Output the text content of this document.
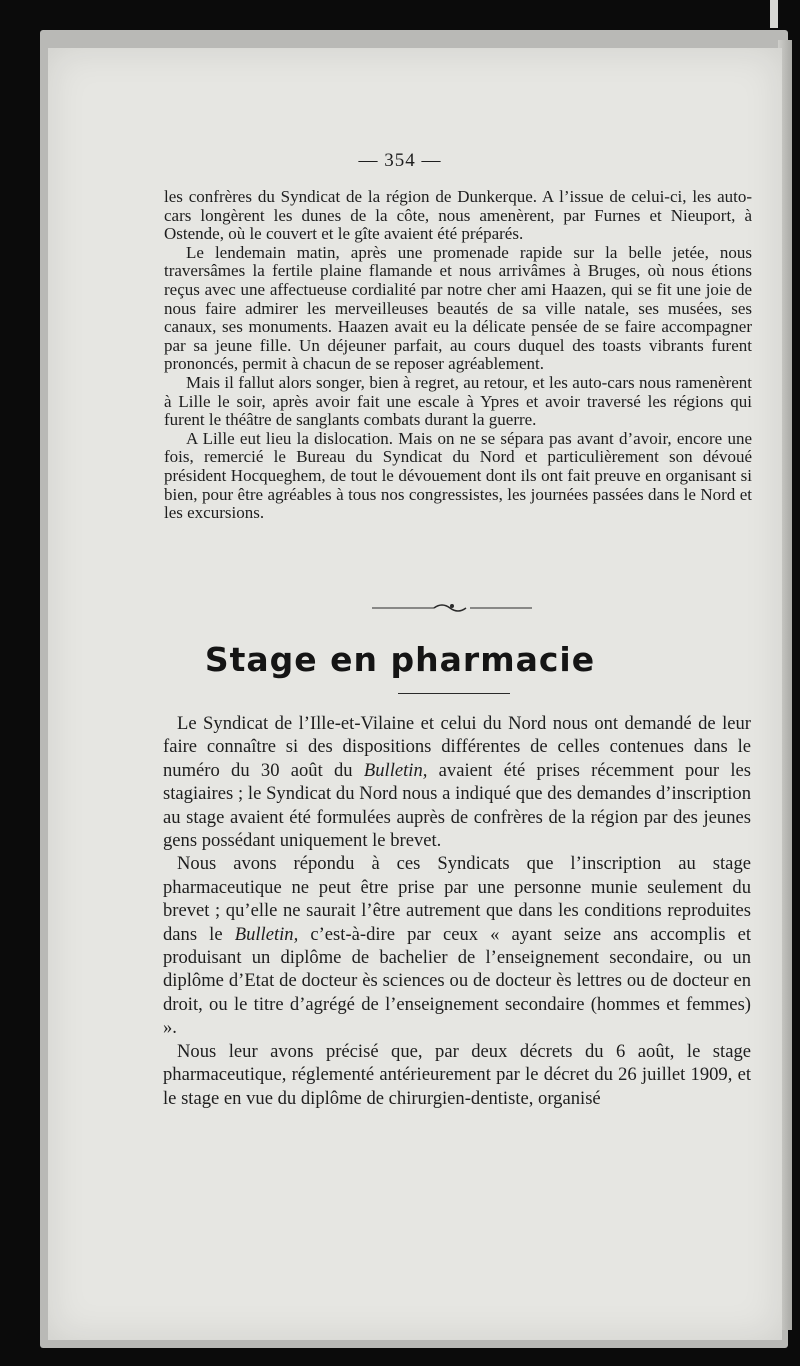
— 354 —

les confrères du Syndicat de la région de Dunkerque. A l’issue de celui-ci, les auto-cars longèrent les dunes de la côte, nous amenèrent, par Furnes et Nieuport, à Ostende, où le couvert et le gîte avaient été préparés.

Le lendemain matin, après une promenade rapide sur la belle jetée, nous traversâmes la fertile plaine flamande et nous arrivâmes à Bruges, où nous étions reçus avec une affectueuse cordialité par notre cher ami Haazen, qui se fit une joie de nous faire admirer les merveilleuses beautés de sa ville natale, ses musées, ses canaux, ses monuments. Haazen avait eu la délicate pensée de se faire accompagner par sa jeune fille. Un déjeuner parfait, au cours duquel des toasts vibrants furent prononcés, permit à chacun de se reposer agréablement.

Mais il fallut alors songer, bien à regret, au retour, et les auto-cars nous ramenèrent à Lille le soir, après avoir fait une escale à Ypres et avoir traversé les régions qui furent le théâtre de sanglants combats durant la guerre.

A Lille eut lieu la dislocation. Mais on ne se sépara pas avant d’avoir, encore une fois, remercié le Bureau du Syndicat du Nord et particulièrement son dévoué président Hocqueghem, de tout le dévouement dont ils ont fait preuve en organisant si bien, pour être agréables à tous nos congressistes, les journées passées dans le Nord et les excursions.

Stage en pharmacie

Le Syndicat de l’Ille-et-Vilaine et celui du Nord nous ont demandé de leur faire connaître si des dispositions différentes de celles contenues dans le numéro du 30 août du Bulletin, avaient été prises récemment pour les stagiaires ; le Syndicat du Nord nous a indiqué que des demandes d’inscription au stage avaient été formulées auprès de confrères de la région par des jeunes gens possédant uniquement le brevet.

Nous avons répondu à ces Syndicats que l’inscription au stage pharmaceutique ne peut être prise par une personne munie seulement du brevet ; qu’elle ne saurait l’être autrement que dans les conditions reproduites dans le Bulletin, c’est-à-dire par ceux « ayant seize ans accomplis et produisant un diplôme de bachelier de l’enseignement secondaire, ou un diplôme d’Etat de docteur ès sciences ou de docteur ès lettres ou de docteur en droit, ou le titre d’agrégé de l’enseignement secondaire (hommes et femmes) ».

Nous leur avons précisé que, par deux décrets du 6 août, le stage pharmaceutique, réglementé antérieurement par le décret du 26 juillet 1909, et le stage en vue du diplôme de chirurgien-dentiste, organisé
